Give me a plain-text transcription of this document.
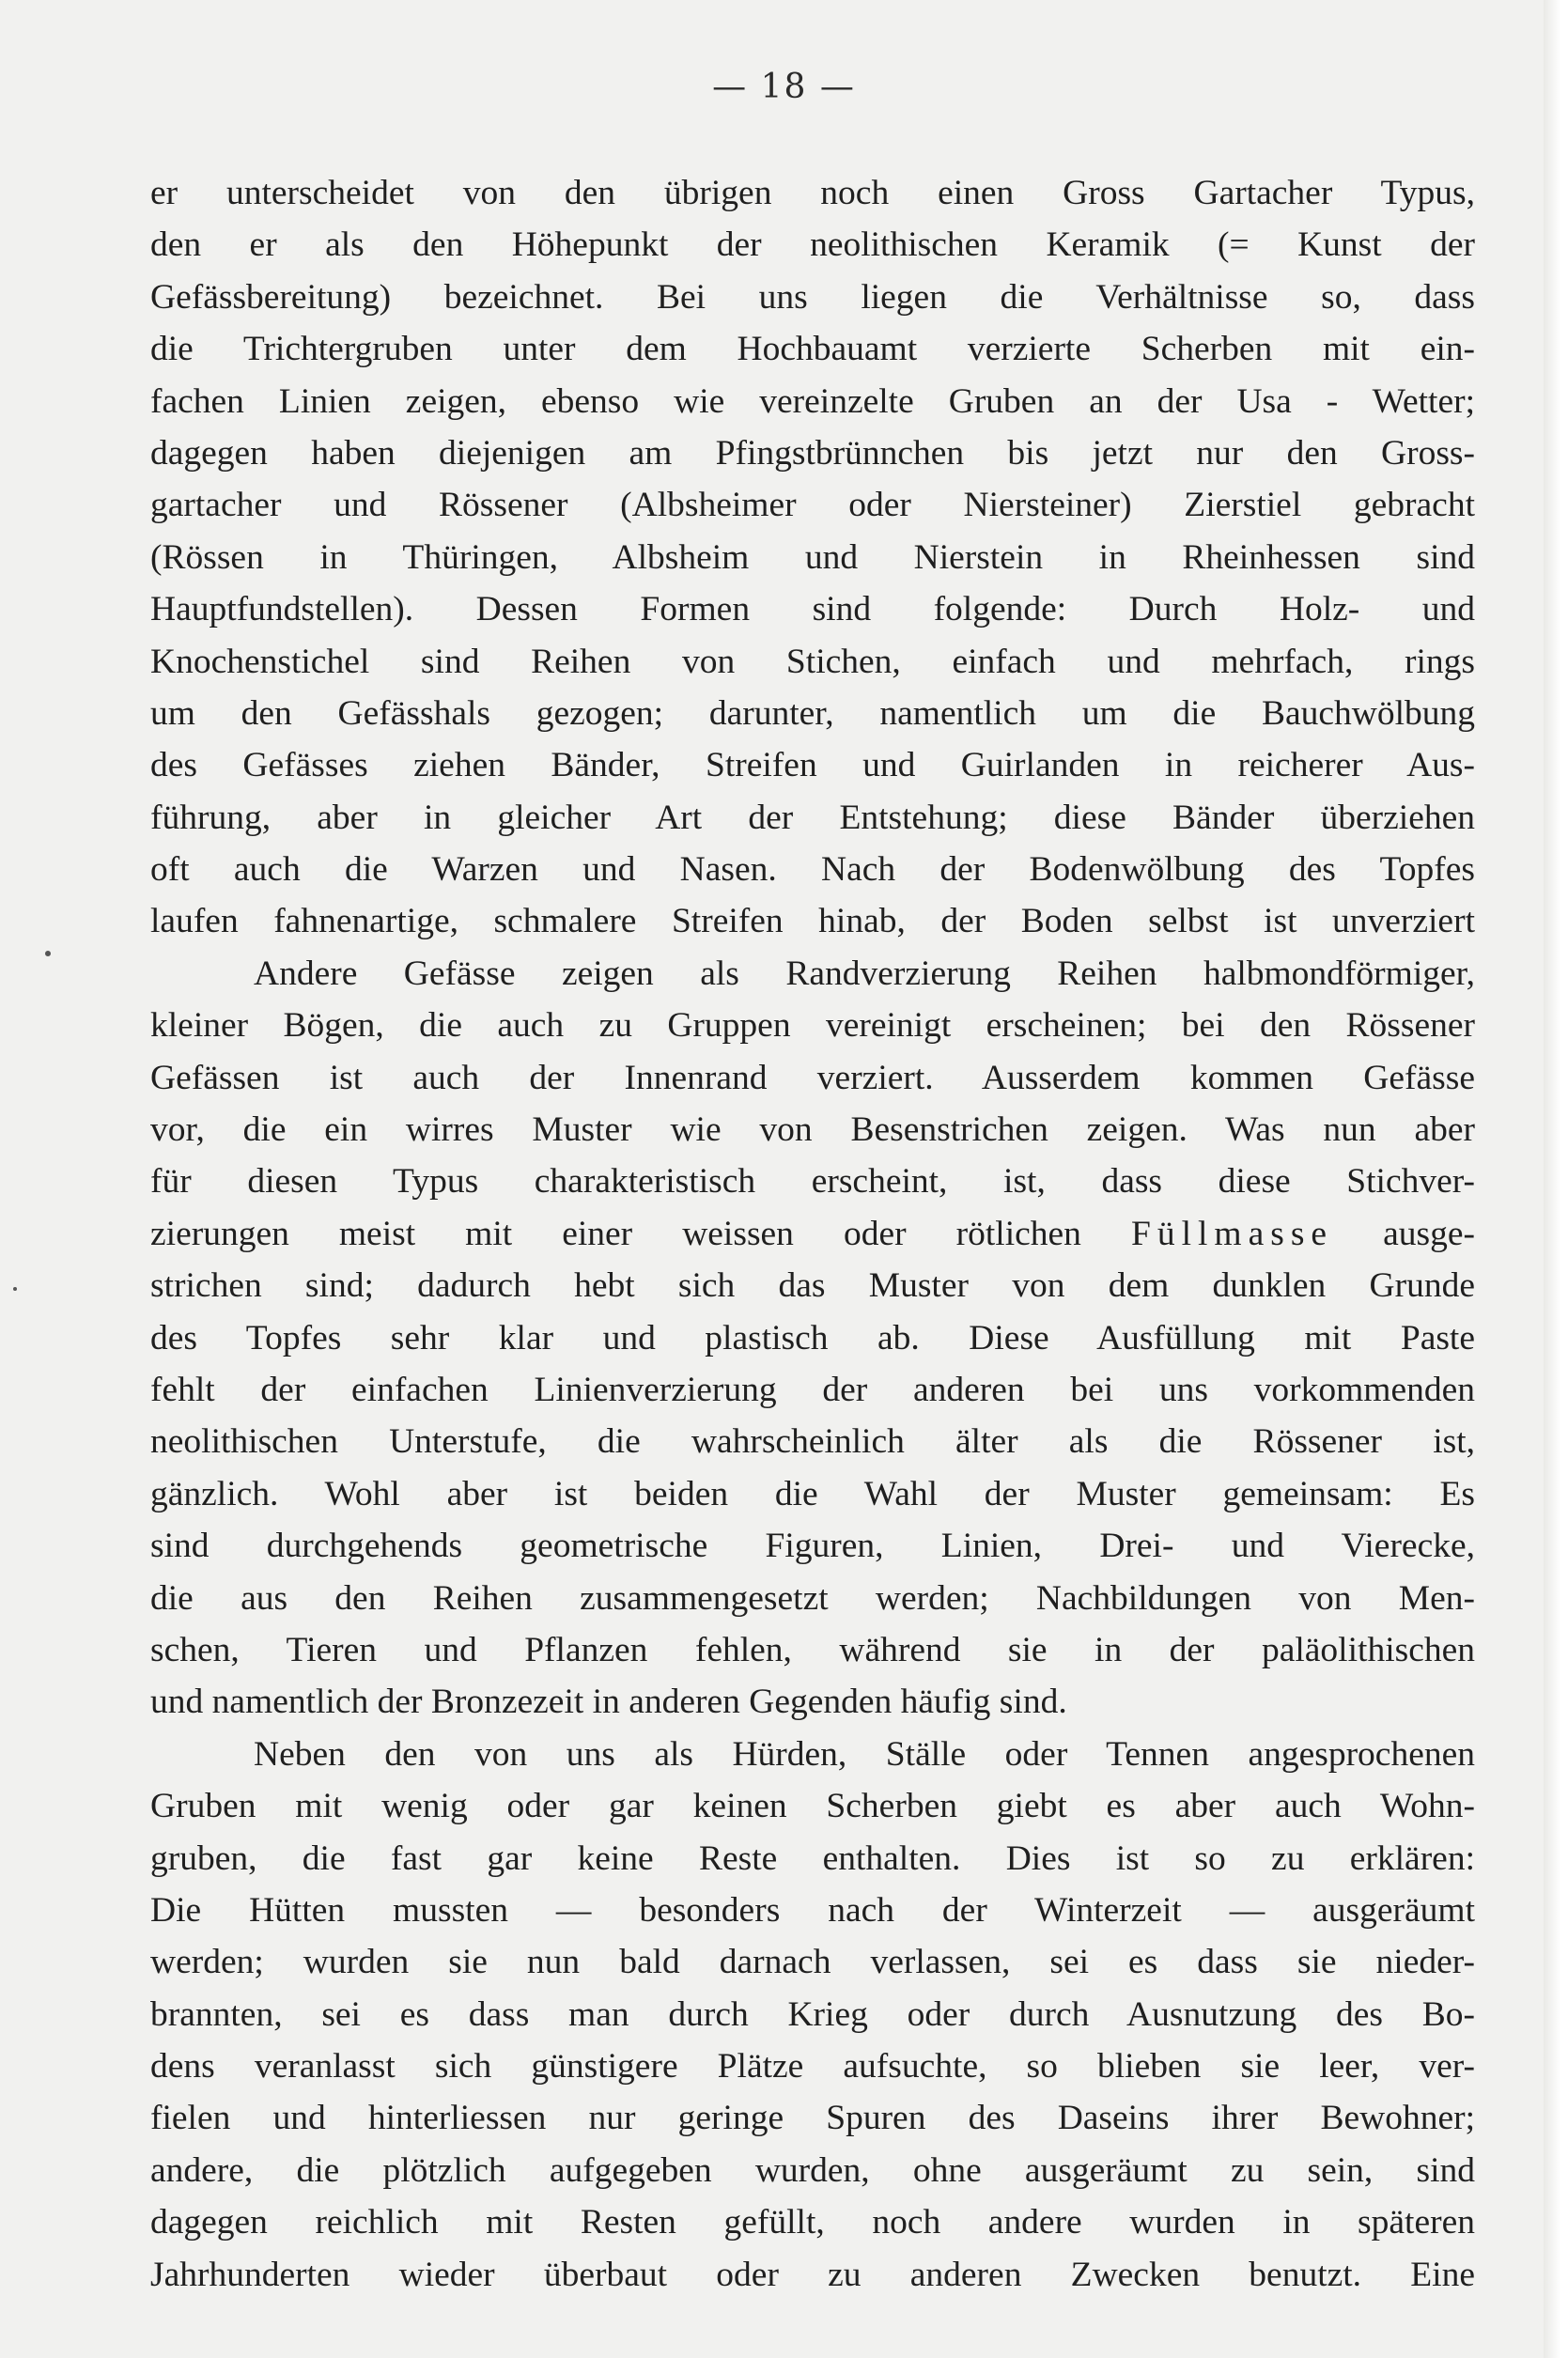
— 18 —
er unterscheidet von den übrigen noch einen Gross Gartacher Typus,
den er als den Höhepunkt der neolithischen Keramik (= Kunst der
Gefässbereitung) bezeichnet. Bei uns liegen die Verhältnisse so, dass
die Trichtergruben unter dem Hochbauamt verzierte Scherben mit ein-
fachen Linien zeigen, ebenso wie vereinzelte Gruben an der Usa - Wetter;
dagegen haben diejenigen am Pfingstbrünnchen bis jetzt nur den Gross-
gartacher und Rössener (Albsheimer oder Niersteiner) Zierstiel gebracht
(Rössen in Thüringen, Albsheim und Nierstein in Rheinhessen sind
Hauptfundstellen). Dessen Formen sind folgende: Durch Holz- und
Knochenstichel sind Reihen von Stichen, einfach und mehrfach, rings
um den Gefässhals gezogen; darunter, namentlich um die Bauchwölbung
des Gefässes ziehen Bänder, Streifen und Guirlanden in reicherer Aus-
führung, aber in gleicher Art der Entstehung; diese Bänder überziehen
oft auch die Warzen und Nasen. Nach der Bodenwölbung des Topfes
laufen fahnenartige, schmalere Streifen hinab, der Boden selbst ist unverziert
Andere Gefässe zeigen als Randverzierung Reihen halbmondförmiger,
kleiner Bögen, die auch zu Gruppen vereinigt erscheinen; bei den Rössener
Gefässen ist auch der Innenrand verziert. Ausserdem kommen Gefässe
vor, die ein wirres Muster wie von Besenstrichen zeigen. Was nun aber
für diesen Typus charakteristisch erscheint, ist, dass diese Stichver-
zierungen meist mit einer weissen oder rötlichen Füllmasse ausge-
strichen sind; dadurch hebt sich das Muster von dem dunklen Grunde
des Topfes sehr klar und plastisch ab. Diese Ausfüllung mit Paste
fehlt der einfachen Linienverzierung der anderen bei uns vorkommenden
neolithischen Unterstufe, die wahrscheinlich älter als die Rössener ist,
gänzlich. Wohl aber ist beiden die Wahl der Muster gemeinsam: Es
sind durchgehends geometrische Figuren, Linien, Drei- und Vierecke,
die aus den Reihen zusammengesetzt werden; Nachbildungen von Men-
schen, Tieren und Pflanzen fehlen, während sie in der paläolithischen
und namentlich der Bronzezeit in anderen Gegenden häufig sind.
Neben den von uns als Hürden, Ställe oder Tennen angesprochenen
Gruben mit wenig oder gar keinen Scherben giebt es aber auch Wohn-
gruben, die fast gar keine Reste enthalten. Dies ist so zu erklären:
Die Hütten mussten — besonders nach der Winterzeit — ausgeräumt
werden; wurden sie nun bald darnach verlassen, sei es dass sie nieder-
brannten, sei es dass man durch Krieg oder durch Ausnutzung des Bo-
dens veranlasst sich günstigere Plätze aufsuchte, so blieben sie leer, ver-
fielen und hinterliessen nur geringe Spuren des Daseins ihrer Bewohner;
andere, die plötzlich aufgegeben wurden, ohne ausgeräumt zu sein, sind
dagegen reichlich mit Resten gefüllt, noch andere wurden in späteren
Jahrhunderten wieder überbaut oder zu anderen Zwecken benutzt. Eine
